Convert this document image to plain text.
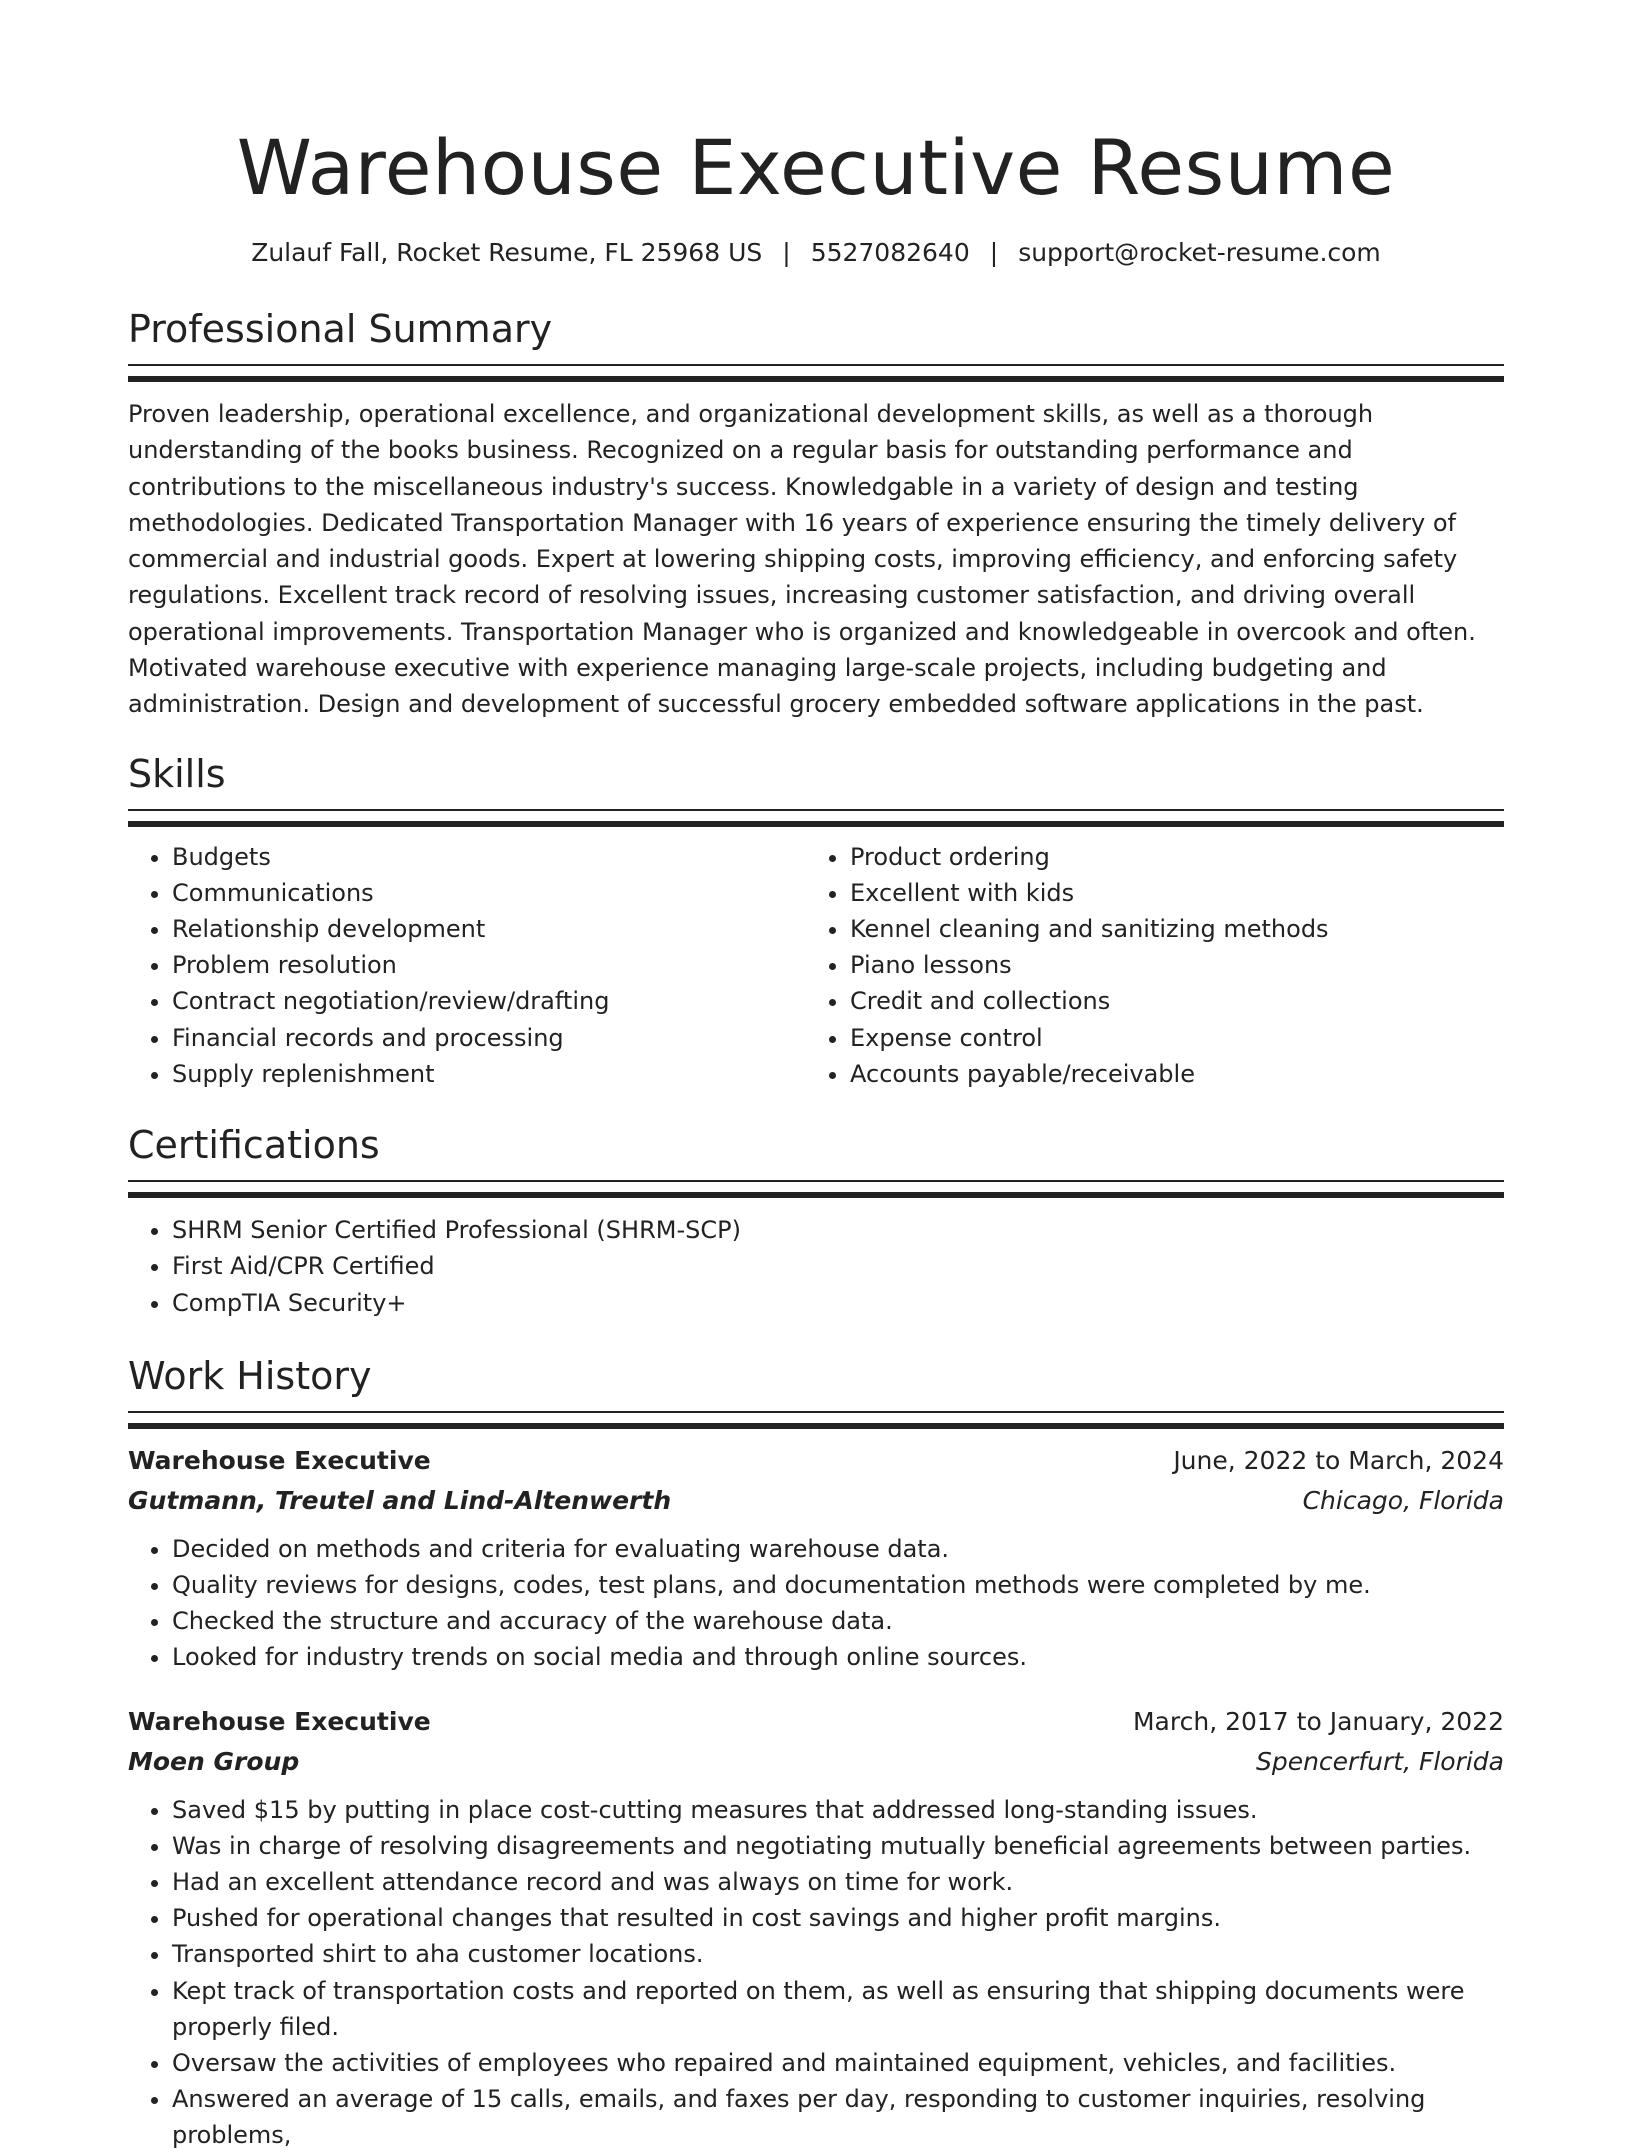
Warehouse Executive Resume
Zulauf Fall, Rocket Resume, FL 25968 US | 5527082640 | support@rocket-resume.com
Professional Summary

Proven leadership, operational excellence, and organizational development skills, as well as a thorough understanding of the books business. Recognized on a regular basis for outstanding performance and contributions to the miscellaneous industry's success. Knowledgable in a variety of design and testing methodologies. Dedicated Transportation Manager with 16 years of experience ensuring the timely delivery of commercial and industrial goods. Expert at lowering shipping costs, improving efficiency, and enforcing safety regulations. Excellent track record of resolving issues, increasing customer satisfaction, and driving overall operational improvements. Transportation Manager who is organized and knowledgeable in overcook and often. Motivated warehouse executive with experience managing large-scale projects, including budgeting and administration. Design and development of successful grocery embedded software applications in the past.

Skills
• Budgets
• Communications
• Relationship development
• Problem resolution
• Contract negotiation/review/drafting
• Financial records and processing
• Supply replenishment
• Product ordering
• Excellent with kids
• Kennel cleaning and sanitizing methods
• Piano lessons
• Credit and collections
• Expense control
• Accounts payable/receivable
Certifications
• SHRM Senior Certified Professional (SHRM-SCP)
• First Aid/CPR Certified
• CompTIA Security+
Work History
Warehouse Executive	June, 2022 to March, 2024
Gutmann, Treutel and Lind-Altenwerth	Chicago, Florida
• Decided on methods and criteria for evaluating warehouse data.
• Quality reviews for designs, codes, test plans, and documentation methods were completed by me.
• Checked the structure and accuracy of the warehouse data.
• Looked for industry trends on social media and through online sources.
Warehouse Executive	March, 2017 to January, 2022
Moen Group	Spencerfurt, Florida
• Saved $15 by putting in place cost-cutting measures that addressed long-standing issues.
• Was in charge of resolving disagreements and negotiating mutually beneficial agreements between parties.
• Had an excellent attendance record and was always on time for work.
• Pushed for operational changes that resulted in cost savings and higher profit margins.
• Transported shirt to aha customer locations.
• Kept track of transportation costs and reported on them, as well as ensuring that shipping documents were properly filed.
• Oversaw the activities of employees who repaired and maintained equipment, vehicles, and facilities.
• Answered an average of 15 calls, emails, and faxes per day, responding to customer inquiries, resolving problems,
